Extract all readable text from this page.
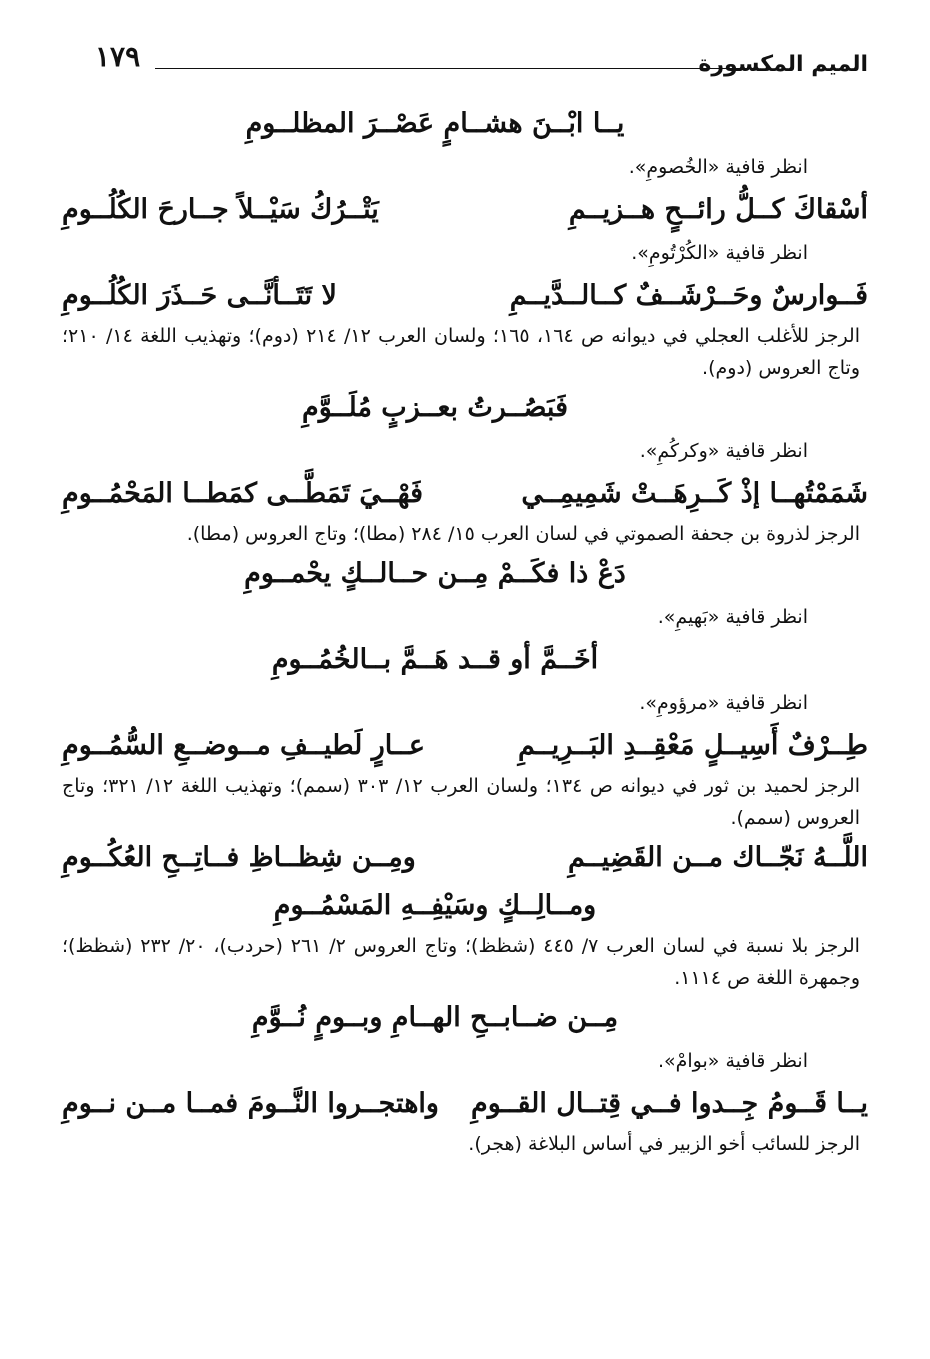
الميم المكسورة
١٧٩
يــا ابْــنَ هشــامٍ عَصْــرَ المظلــومِ
انظر قافية «الخُصومِ».
أسْقاكَ كــلُّ رائــحٍ هــزيــمِ
يَتْــرُكُ سَيْــلاً جــارحَ الكُلُــومِ
انظر قافية «الكُرْتُومِ».
فَــوارسٌ وحَــرْشَــفٌ كــالــدَّيــمِ
لا تَتَــأنَّــى حَــذَرَ الكُلُــومِ
الرجز للأغلب العجلي في ديوانه ص ١٦٤، ١٦٥؛ ولسان العرب ١٢/ ٢١٤ (دوم)؛ وتهذيب اللغة ١٤/ ٢١٠؛ وتاج العروس (دوم).
فَبَصُــرتُ بعــزبٍ مُلَــوَّمِ
انظر قافية «وكركُمِ».
شَمَمْتُهــا إذْ كَــرِهَــتْ شَمِيمِــي
فَهْــيَ تَمَطَّــى كمَطــا المَحْمُــومِ
الرجز لذروة بن جحفة الصموتي في لسان العرب ١٥/ ٢٨٤ (مطا)؛ وتاج العروس (مطا).
دَعْ ذا فكَــمْ مِــن حــالــكٍ يحْمــومِ
انظر قافية «بَهيمِ».
أخَــمَّ أو قــد هَــمَّ بــالخُمُــومِ
انظر قافية «مرؤومِ».
طِــرْفٌ أَسِيــلٍ مَعْقِــدِ البَــرِيــمِ
عــارٍ لَطيــفِ مــوضــعِ السُّمُــومِ
الرجز لحميد بن ثور في ديوانه ص ١٣٤؛ ولسان العرب ١٢/ ٣٠٣ (سمم)؛ وتهذيب اللغة ١٢/ ٣٢١؛ وتاج العروس (سمم).
اللَّــهُ نَجّــاك مــن القَضِيــمِ
ومِــن شِظــاظِ فــاتِــحِ العُكُــومِ
ومــالِــكٍ وسَيْفِــهِ المَسْمُــومِ
الرجز بلا نسبة في لسان العرب ٧/ ٤٤٥ (شظظ)؛ وتاج العروس ٢/ ٢٦١ (حردب)، ٢٠/ ٢٣٢ (شظظ)؛ وجمهرة اللغة ص ١١١٤.
مِــن ضــابــحِ الهــامِ وبــومٍ نُــوَّمِ
انظر قافية «بوامْ».
يــا قَــومُ جِــدوا فــي قِتــال القــومِ
واهتجــروا النَّــومَ فمــا مــن نــومِ
الرجز للسائب أخو الزبير في أساس البلاغة (هجر).
